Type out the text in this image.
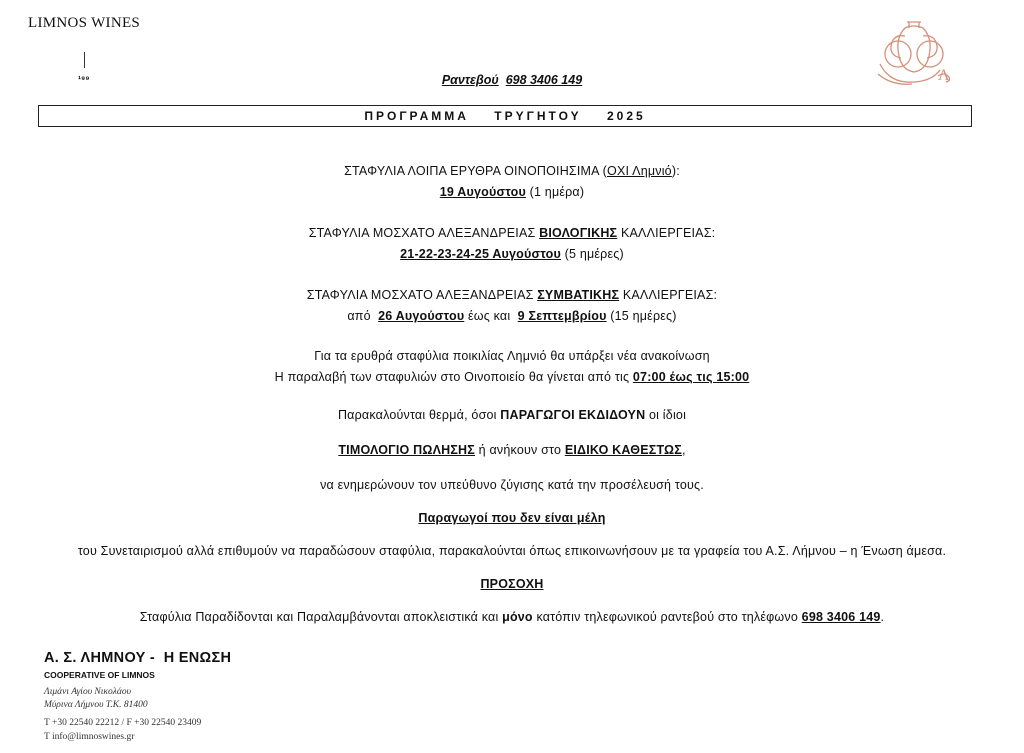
LIMNOS WINES
¹⁹⁹	Ραντεβού 698 3406 149	Λ
ΠΡΟΓΡΑΜΜΑ    ΤΡΥΓΗΤΟΥ    2025
ΣΤΑΦΥΛΙΑ ΛΟΙΠΑ ΕΡΥΘΡΑ ΟΙΝΟΠΟΙΗΣΙΜΑ (ΟΧΙ Λημνιό):
19 Αυγούστου (1 ημέρα)
ΣΤΑΦΥΛΙΑ ΜΟΣΧΑΤΟ ΑΛΕΞΑΝΔΡΕΙΑΣ ΒΙΟΛΟΓΙΚΗΣ ΚΑΛΛΙΕΡΓΕΙΑΣ:
21-22-23-24-25 Αυγούστου (5 ημέρες)
ΣΤΑΦΥΛΙΑ ΜΟΣΧΑΤΟ ΑΛΕΞΑΝΔΡΕΙΑΣ ΣΥΜΒΑΤΙΚΗΣ ΚΑΛΛΙΕΡΓΕΙΑΣ:
από  26 Αυγούστου έως και  9 Σεπτεμβρίου (15 ημέρες)
Για τα ερυθρά σταφύλια ποικιλίας Λημνιό θα υπάρξει νέα ανακοίνωση
Η παραλαβή των σταφυλιών στο Οινοποιείο θα γίνεται από τις 07:00 έως τις 15:00
Παρακαλούνται θερμά, όσοι ΠΑΡΑΓΩΓΟΙ ΕΚΔΙΔΟΥΝ οι ίδιοι
ΤΙΜΟΛΟΓΙΟ ΠΩΛΗΣΗΣ ή ανήκουν στο ΕΙΔΙΚΟ ΚΑΘΕΣΤΩΣ,
να ενημερώνουν τον υπεύθυνο ζύγισης κατά την προσέλευσή τους.
Παραγωγοί που δεν είναι μέλη
του Συνεταιρισμού αλλά επιθυμούν να παραδώσουν σταφύλια, παρακαλούνται όπως επικοινωνήσουν με τα γραφεία του Α.Σ. Λήμνου – η Ένωση άμεσα.
ΠΡΟΣΟΧΗ
Σταφύλια Παραδίδονται και Παραλαμβάνονται αποκλειστικά και μόνο κατόπιν τηλεφωνικού ραντεβού στο τηλέφωνο 698 3406 149.
Α. Σ. ΛΗΜΝΟΥ -  Η ΕΝΩΣΗ
COOPERATIVE OF LIMNOS
Λιμάνι Αγίου Νικολάου
Μύρινα Λήμνου Τ.Κ. 81400
T +30 22540 22212 / F +30 22540 23409
T info@limnoswines.gr
